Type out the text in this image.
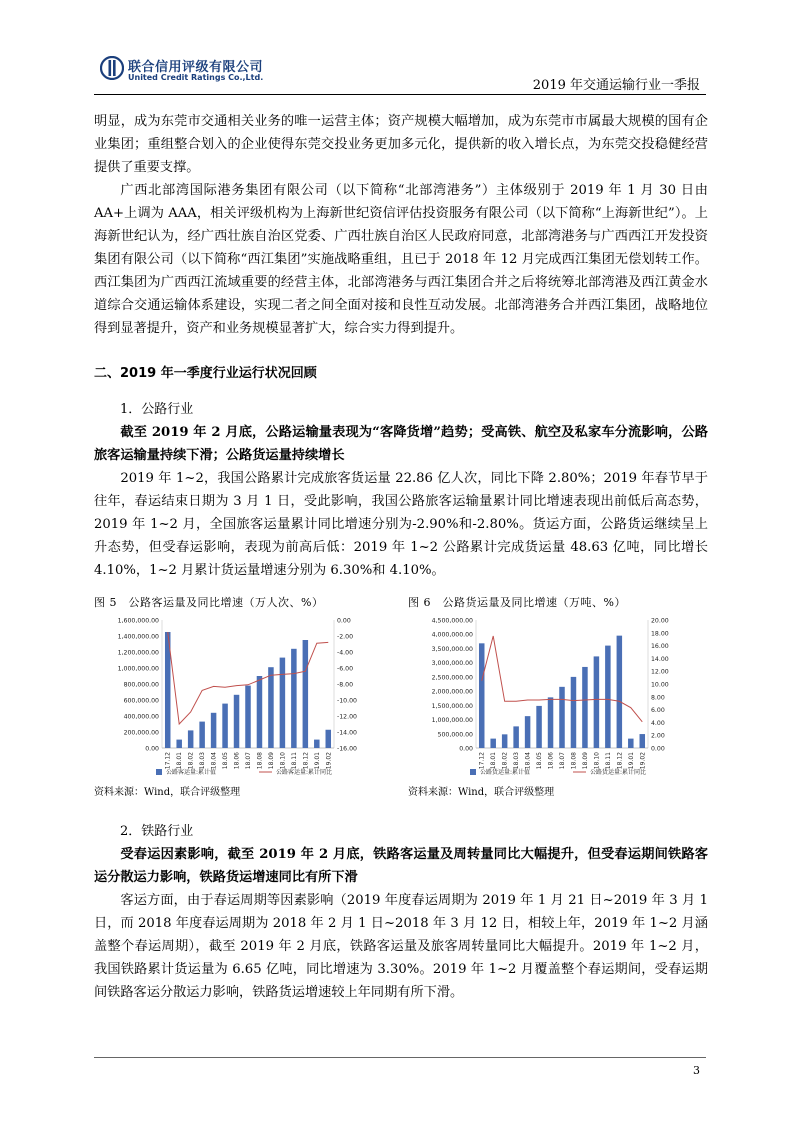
联合信用评级有限公司
United Credit Ratings Co.,Ltd.
2019 年交通运输行业一季报

明显，成为东莞市交通相关业务的唯一运营主体；资产规模大幅增加，成为东莞市市属最大规模的国有企业集团；重组整合划入的企业使得东莞交投业务更加多元化，提供新的收入增长点，为东莞交投稳健经营提供了重要支撑。

广西北部湾国际港务集团有限公司（以下简称“北部湾港务”）主体级别于 2019 年 1 月 30 日由 AA+上调为 AAA，相关评级机构为上海新世纪资信评估投资服务有限公司（以下简称“上海新世纪”）。上海新世纪认为，经广西壮族自治区党委、广西壮族自治区人民政府同意，北部湾港务与广西西江开发投资集团有限公司（以下简称“西江集团”实施战略重组，且已于 2018 年 12 月完成西江集团无偿划转工作。西江集团为广西西江流域重要的经营主体，北部湾港务与西江集团合并之后将统筹北部湾港及西江黄金水道综合交通运输体系建设，实现二者之间全面对接和良性互动发展。北部湾港务合并西江集团，战略地位得到显著提升，资产和业务规模显著扩大，综合实力得到提升。

二、2019 年一季度行业运行状况回顾
1．公路行业

截至 2019 年 2 月底，公路运输量表现为“客降货增”趋势；受高铁、航空及私家车分流影响，公路旅客运输量持续下滑；公路货运量持续增长

2019 年 1~2，我国公路累计完成旅客货运量 22.86 亿人次，同比下降 2.80%；2019 年春节早于往年，春运结束日期为 3 月 1 日，受此影响，我国公路旅客运输量累计同比增速表现出前低后高态势，2019 年 1~2 月，全国旅客运量累计同比增速分别为-2.90%和-2.80%。货运方面，公路货运继续呈上升态势，但受春运影响，表现为前高后低：2019 年 1~2 公路累计完成货运量 48.63 亿吨，同比增长 4.10%，1~2 月累计货运量增速分别为 6.30%和 4.10%。

图 5　公路客运量及同比增速（万人次、%）
0.00
200,000.00
400,000.00
600,000.00
800,000.00
1,000,000.00
1,200,000.00
1,400,000.00
1,600,000.00
-16.00
-14.00
-12.00
-10.00
-8.00
-6.00
-4.00
-2.00
0.00
17.12 18.01 18.02 18.03 18.04 18.05 18.06 18.07 18.08 18.09 18.10 18.11 18.12 19.01 19.02
公路客运量:累计值	公路客运量:累计同比
资料来源：Wind，联合评级整理
图 6　公路货运量及同比增速（万吨、%）
0.00
500,000.00
1,000,000.00
1,500,000.00
2,000,000.00
2,500,000.00
3,000,000.00
3,500,000.00
4,000,000.00
4,500,000.00
0.00
2.00
4.00
6.00
8.00
10.00
12.00
14.00
16.00
18.00
20.00
17.12 18.01 18.02 18.03 18.04 18.05 18.06 18.07 18.08 18.09 18.10 18.11 18.12 19.01 19.02
公路货运量:累计值	公路货运量:累计同比
资料来源：Wind，联合评级整理
2．铁路行业

受春运因素影响，截至 2019 年 2 月底，铁路客运量及周转量同比大幅提升，但受春运期间铁路客运分散运力影响，铁路货运增速同比有所下滑

客运方面，由于春运周期等因素影响（2019 年度春运周期为 2019 年 1 月 21 日~2019 年 3 月 1 日，而 2018 年度春运周期为 2018 年 2 月 1 日~2018 年 3 月 12 日，相较上年，2019 年 1~2 月涵盖整个春运周期），截至 2019 年 2 月底，铁路客运量及旅客周转量同比大幅提升。2019 年 1~2 月，我国铁路累计货运量为 6.65 亿吨，同比增速为 3.30%。2019 年 1~2 月覆盖整个春运期间，受春运期间铁路客运分散运力影响，铁路货运增速较上年同期有所下滑。

3
